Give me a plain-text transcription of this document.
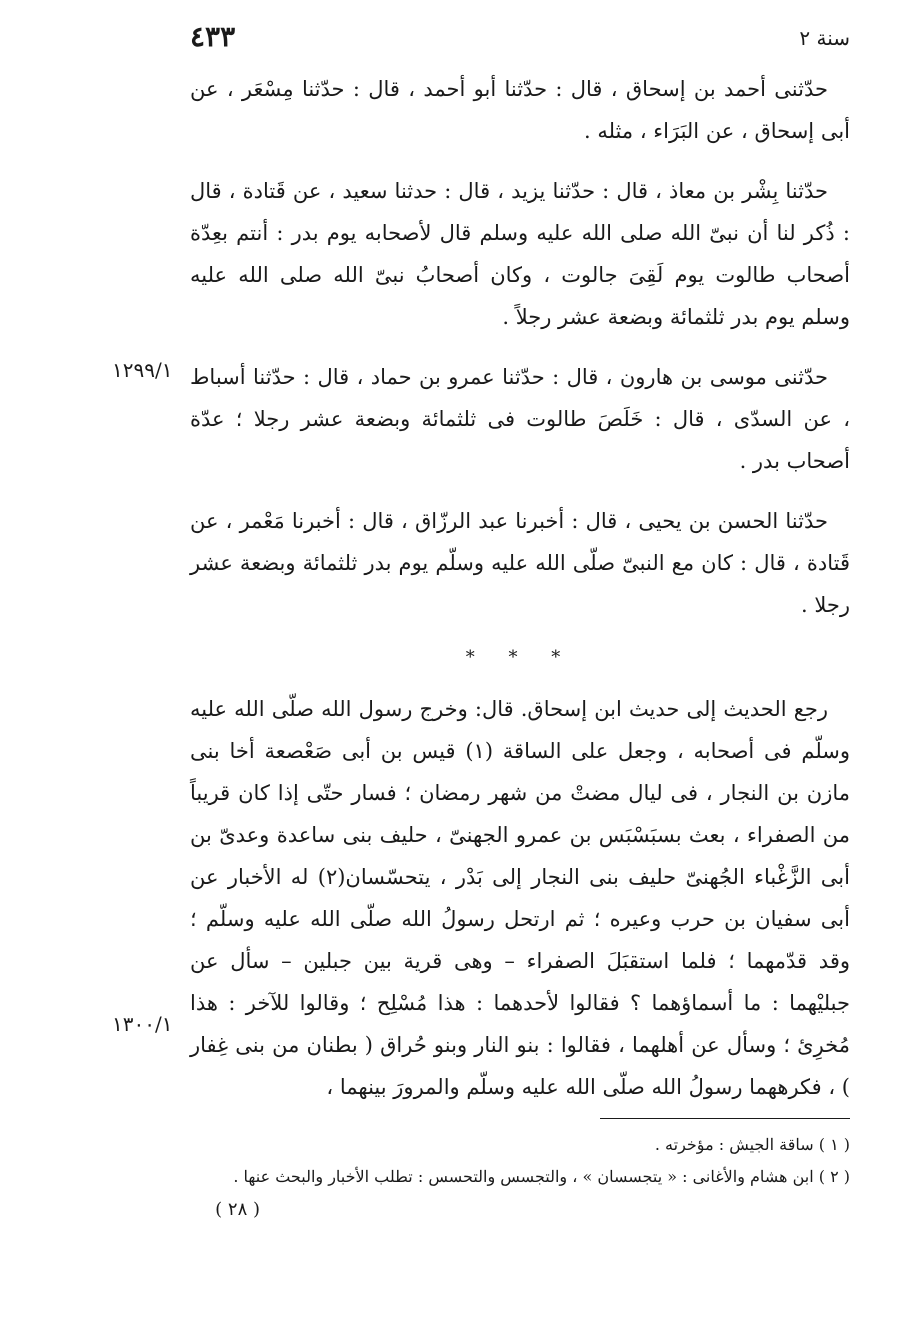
سنة ٢
٤٣٣

حدّثنى أحمد بن إسحاق ، قال : حدّثنا أبو أحمد ، قال : حدّثنا مِسْعَر ، عن أبى إسحاق ، عن البَرَاء ، مثله .

حدّثنا بِشْر بن معاذ ، قال : حدّثنا يزيد ، قال : حدثنا سعيد ، عن قَتادة ، قال : ذُكر لنا أن نبىّ الله صلى الله عليه وسلم قال لأصحابه يوم بدر : أنتم بعِدّة أصحاب طالوت يوم لَقِىَ جالوت ، وكان أصحابُ نبىّ الله صلى الله عليه وسلم يوم بدر ثلثمائة وبضعة عشر رجلاً .

حدّثنى موسى بن هارون ، قال : حدّثنا عمرو بن حماد ، قال : حدّثنا أسباط ، عن السدّى ، قال : خَلَصَ طالوت فى ثلثمائة وبضعة عشر رجلا ؛ عدّة أصحاب بدر .

حدّثنا الحسن بن يحيى ، قال : أخبرنا عبد الرزّاق ، قال : أخبرنا مَعْمر ، عن قَتادة ، قال : كان مع النبىّ صلّى الله عليه وسلّم يوم بدر ثلثمائة وبضعة عشر رجلا .

* * *

رجع الحديث إلى حديث ابن إسحاق. قال: وخرج رسول الله صلّى الله عليه وسلّم فى أصحابه ، وجعل على الساقة (١) قيس بن أبى صَعْصعة أخا بنى مازن بن النجار ، فى ليال مضتْ من شهر رمضان ؛ فسار حتّى إذا كان قريباً من الصفراء ، بعث بسبَسْبَس بن عمرو الجهنىّ ، حليف بنى ساعدة وعدىّ بن أبى الزَّغْباء الجُهنىّ حليف بنى النجار إلى بَدْر ، يتحسّسان(٢) له الأخبار عن أبى سفيان بن حرب وعيره ؛ ثم ارتحل رسولُ الله صلّى الله عليه وسلّم ؛ وقد قدّمهما ؛ فلما استقبَلَ الصفراء – وهى قرية بين جبلين – سأل عن جبليْهما : ما أسماؤهما ؟ فقالوا لأحدهما : هذا مُسْلِح ؛ وقالوا للآخر : هذا مُخرِئ ؛ وسأل عن أهلهما ، فقالوا : بنو النار وبنو حُراق ( بطنان من بنى غِفار ) ، فكرههما رسولُ الله صلّى الله عليه وسلّم والمرورَ بينهما ،

١٢٩٩/١
١٣٠٠/١
( ١ ) ساقة الجيش : مؤخرته .
( ٢ ) ابن هشام والأغانى : « يتجسسان » ، والتجسس والتحسس : تطلب الأخبار والبحث عنها .
( ٢٨ )
